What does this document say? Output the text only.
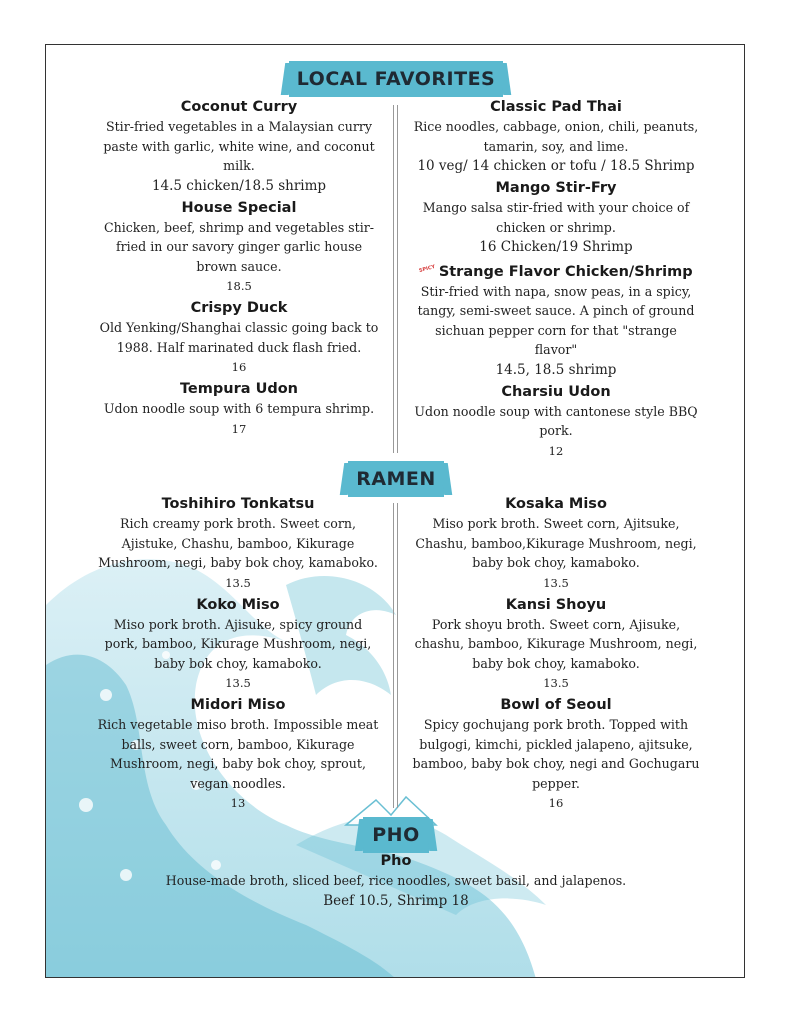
LOCAL FAVORITES

Coconut Curry

Stir-fried vegetables in a Malaysian curry paste with garlic, white wine, and coconut milk.

14.5 chicken/18.5 shrimp

House Special

Chicken, beef, shrimp and vegetables stir-fried in our savory ginger garlic house brown sauce.

18.5

Crispy Duck

Old Yenking/Shanghai classic going back to 1988. Half marinated duck flash fried.

16

Tempura Udon

Udon noodle soup with 6 tempura shrimp.

17

Classic Pad Thai

Rice noodles, cabbage, onion, chili, peanuts, tamarin, soy, and lime.

10 veg/ 14 chicken or tofu / 18.5 Shrimp

Mango Stir-Fry

Mango salsa stir-fried with your choice of chicken or shrimp.

16 Chicken/19 Shrimp

SPICY Strange Flavor Chicken/Shrimp

Stir-fried with napa, snow peas, in a spicy, tangy, semi-sweet sauce. A pinch of ground sichuan pepper corn for that "strange flavor"

14.5, 18.5 shrimp

Charsiu Udon

Udon noodle soup with cantonese style BBQ pork.

12

RAMEN

Toshihiro Tonkatsu

Rich creamy pork broth. Sweet corn, Ajistuke, Chashu, bamboo, Kikurage Mushroom, negi, baby bok choy, kamaboko.

13.5

Koko Miso

Miso pork broth. Ajisuke, spicy ground pork, bamboo, Kikurage Mushroom, negi, baby bok choy, kamaboko.

13.5

Midori Miso

Rich vegetable miso broth. Impossible meat balls, sweet corn, bamboo, Kikurage Mushroom, negi, baby bok choy, sprout, vegan noodles.

13

Kosaka Miso

Miso pork broth. Sweet corn, Ajitsuke, Chashu, bamboo,Kikurage Mushroom, negi, baby bok choy, kamaboko.

13.5

Kansi Shoyu

Pork shoyu broth. Sweet corn, Ajisuke, chashu, bamboo, Kikurage Mushroom, negi, baby bok choy, kamaboko.

13.5

Bowl of Seoul

Spicy gochujang pork broth. Topped with bulgogi, kimchi, pickled jalapeno, ajitsuke, bamboo, baby bok choy, negi and Gochugaru pepper.

16

PHO

Pho

House-made broth, sliced beef, rice noodles, sweet basil, and jalapenos.

Beef 10.5, Shrimp 18
